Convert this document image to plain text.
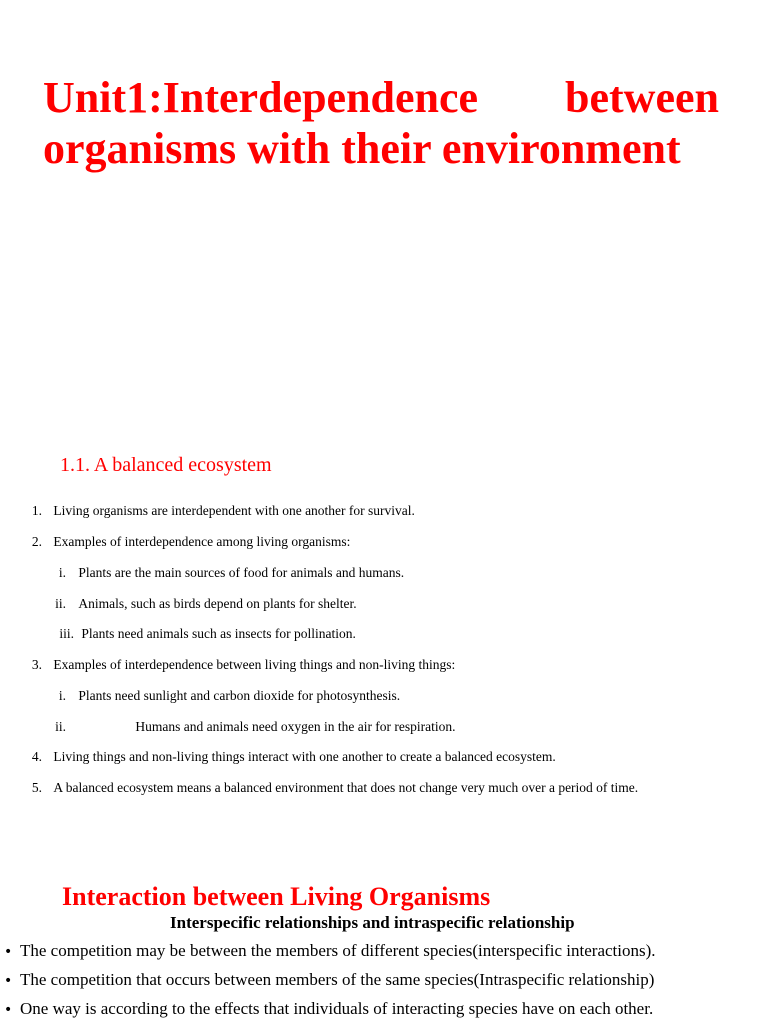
Unit1:Interdependence between organisms with their environment
1.1. A balanced ecosystem
1. Living organisms are interdependent with one another for survival.
2. Examples of interdependence among living organisms:
i. Plants are the main sources of food for animals and humans.
ii. Animals, such as birds depend on plants for shelter.
iii. Plants need animals such as insects for pollination.
3. Examples of interdependence between living things and non-living things:
i. Plants need sunlight and carbon dioxide for photosynthesis.
ii.	Humans and animals need oxygen in the air for respiration.
4. Living things and non-living things interact with one another to create a balanced ecosystem.
5. A balanced ecosystem means a balanced environment that does not change very much over a period of time.
Interaction between Living Organisms
Interspecific relationships and intraspecific relationship
• The competition may be between the members of different species(interspecific interactions).
• The competition that occurs between members of the same species(Intraspecific relationship)
• One way is according to the effects that individuals of interacting species have on each other.
